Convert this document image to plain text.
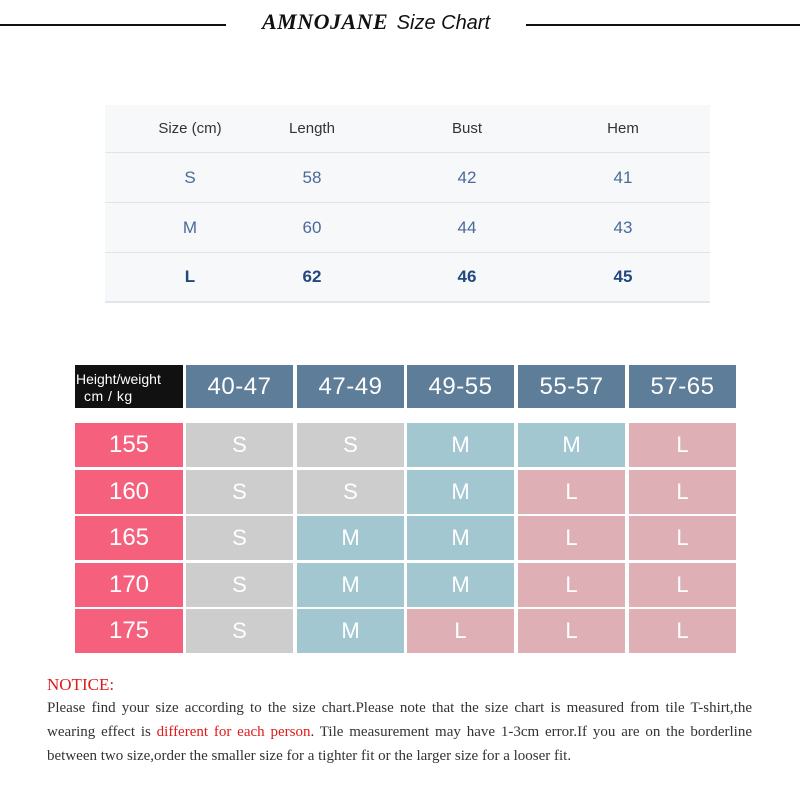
AMNOJANE Size Chart
Size (cm)	Length	Bust	Hem
S	58	42	41
M	60	44	43
L	62	46	45
Height/weight
cm / kg	40-47	47-49	49-55	55-57	57-65
155	S	S	M	M	L
160	S	S	M	L	L
165	S	M	M	L	L
170	S	M	M	L	L
175	S	M	L	L	L
NOTICE:
Please find your size according to the size chart.Please note that the size chart is measured from tile T-shirt,the wearing effect is different for each person. Tile measurement may have 1-3cm error.If you are on the borderline between two size,order the smaller size for a tighter fit or the larger size for a looser fit.
